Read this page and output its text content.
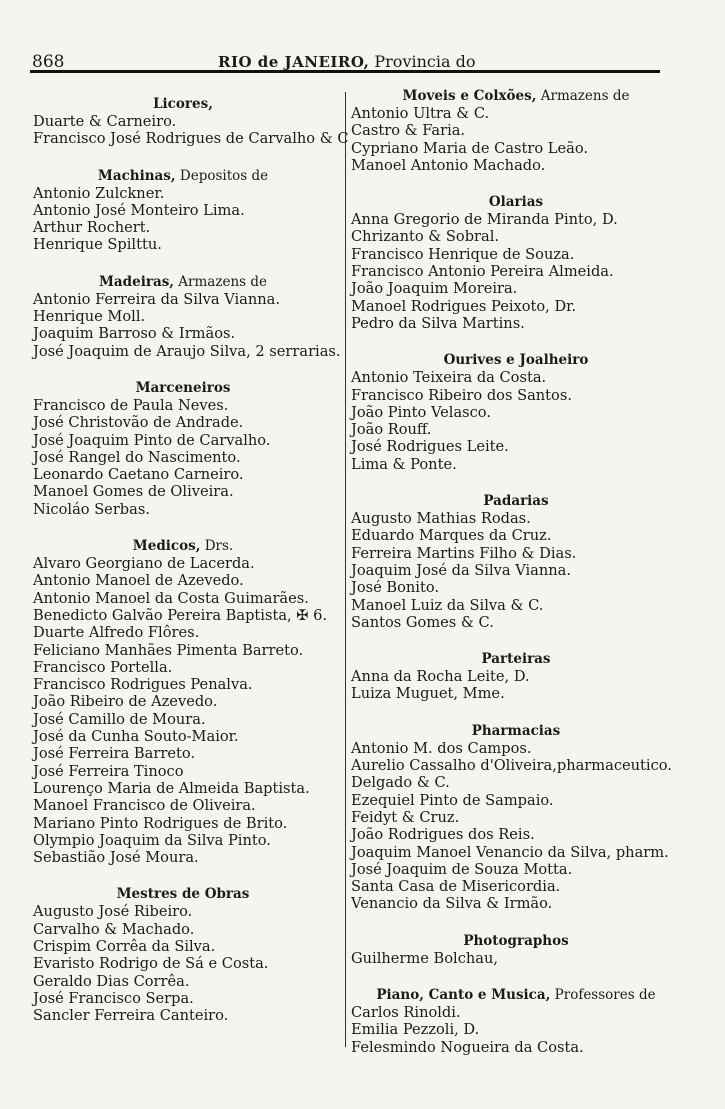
868	RIO de JANEIRO, Provincia do
Licores,
Duarte & Carneiro.
Francisco José Rodrigues de Carvalho & C
Machinas, Depositos de
Antonio Zulckner.
Antonio José Monteiro Lima.
Arthur Rochert.
Henrique Spilttu.
Madeiras, Armazens de
Antonio Ferreira da Silva Vianna.
Henrique Moll.
Joaquim Barroso & Irmãos.
José Joaquim de Araujo Silva, 2 serrarias.
Marceneiros
Francisco de Paula Neves.
José Christovão de Andrade.
José Joaquim Pinto de Carvalho.
José Rangel do Nascimento.
Leonardo Caetano Carneiro.
Manoel Gomes de Oliveira.
Nicoláo Serbas.
Medicos, Drs.
Alvaro Georgiano de Lacerda.
Antonio Manoel de Azevedo.
Antonio Manoel da Costa Guimarães.
Benedicto Galvão Pereira Baptista, ✠ 6.
Duarte Alfredo Flôres.
Feliciano Manhães Pimenta Barreto.
Francisco Portella.
Francisco Rodrigues Penalva.
João Ribeiro de Azevedo.
José Camillo de Moura.
José da Cunha Souto-Maior.
José Ferreira Barreto.
José Ferreira Tinoco
Lourenço Maria de Almeida Baptista.
Manoel Francisco de Oliveira.
Mariano Pinto Rodrigues de Brito.
Olympio Joaquim da Silva Pinto.
Sebastião José Moura.
Mestres de Obras
Augusto José Ribeiro.
Carvalho & Machado.
Crispim Corrêa da Silva.
Evaristo Rodrigo de Sá e Costa.
Geraldo Dias Corrêa.
José Francisco Serpa.
Sancler Ferreira Canteiro.
Moveis e Colxões, Armazens de
Antonio Ultra & C.
Castro & Faria.
Cypriano Maria de Castro Leão.
Manoel Antonio Machado.
Olarias
Anna Gregorio de Miranda Pinto, D.
Chrizanto & Sobral.
Francisco Henrique de Souza.
Francisco Antonio Pereira Almeida.
João Joaquim Moreira.
Manoel Rodrigues Peixoto, Dr.
Pedro da Silva Martins.
Ourives e Joalheiro
Antonio Teixeira da Costa.
Francisco Ribeiro dos Santos.
João Pinto Velasco.
João Rouff.
José Rodrigues Leite.
Lima & Ponte.
Padarias
Augusto Mathias Rodas.
Eduardo Marques da Cruz.
Ferreira Martins Filho & Dias.
Joaquim José da Silva Vianna.
José Bonito.
Manoel Luiz da Silva & C.
Santos Gomes & C.
Parteiras
Anna da Rocha Leite, D.
Luiza Muguet, Mme.
Pharmacias
Antonio M. dos Campos.
Aurelio Cassalho d'Oliveira,pharmaceutico.
Delgado & C.
Ezequiel Pinto de Sampaio.
Feidyt & Cruz.
João Rodrigues dos Reis.
Joaquim Manoel Venancio da Silva, pharm.
José Joaquim de Souza Motta.
Santa Casa de Misericordia.
Venancio da Silva & Irmão.
Photographos
Guilherme Bolchau,
Piano, Canto e Musica, Professores de
Carlos Rinoldi.
Emilia Pezzoli, D.
Felesmindo Nogueira da Costa.
